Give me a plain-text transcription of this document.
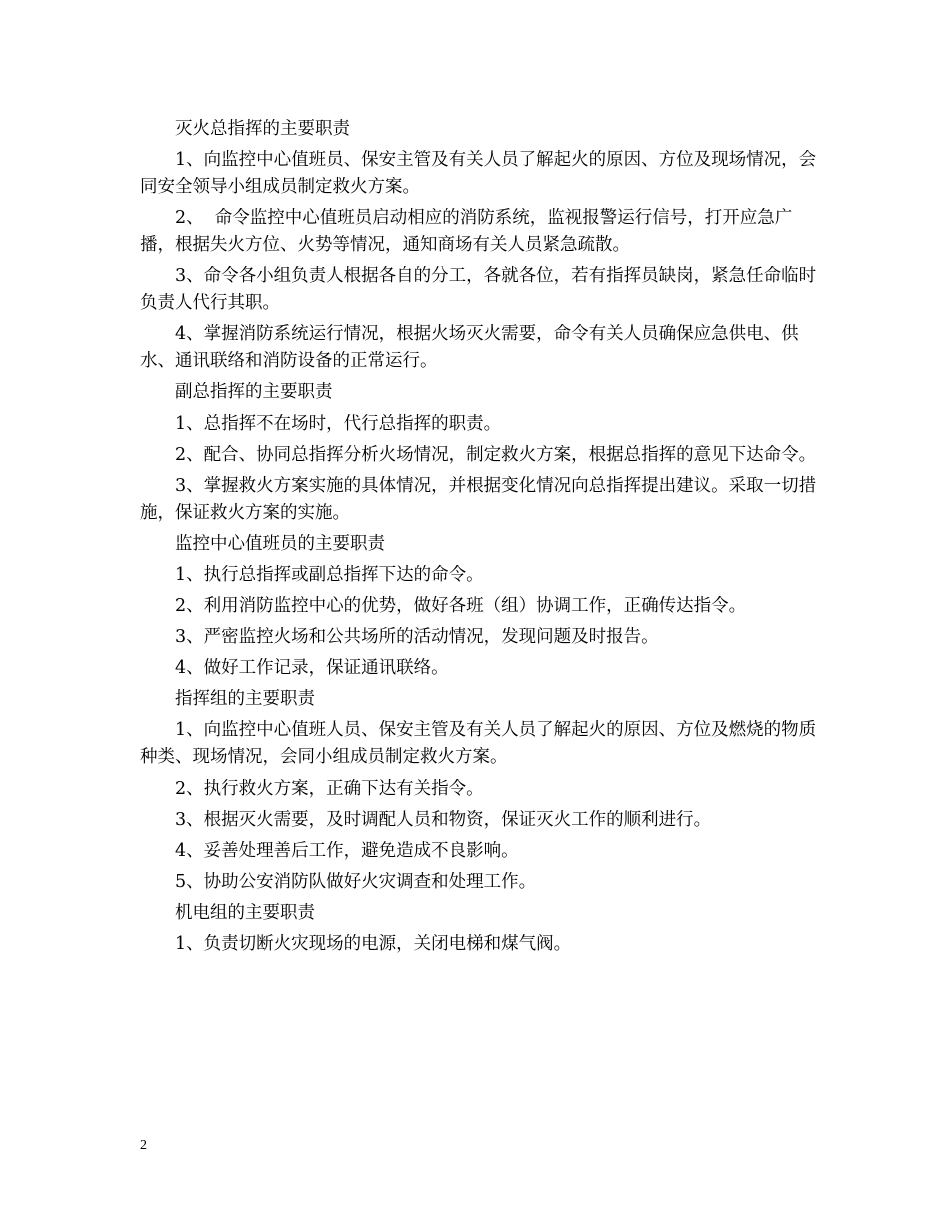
灭火总指挥的主要职责

1、向监控中心值班员、保安主管及有关人员了解起火的原因、方位及现场情况，会同安全领导小组成员制定救火方案。

2、  命令监控中心值班员启动相应的消防系统，监视报警运行信号，打开应急广播，根据失火方位、火势等情况，通知商场有关人员紧急疏散。

3、命令各小组负责人根据各自的分工，各就各位，若有指挥员缺岗，紧急任命临时负责人代行其职。

4、掌握消防系统运行情况，根据火场灭火需要，命令有关人员确保应急供电、供水、通讯联络和消防设备的正常运行。

副总指挥的主要职责

1、总指挥不在场时，代行总指挥的职责。

2、配合、协同总指挥分析火场情况，制定救火方案，根据总指挥的意见下达命令。

3、掌握救火方案实施的具体情况，并根据变化情况向总指挥提出建议。采取一切措施，保证救火方案的实施。

监控中心值班员的主要职责

1、执行总指挥或副总指挥下达的命令。

2、利用消防监控中心的优势，做好各班（组）协调工作，正确传达指令。

3、严密监控火场和公共场所的活动情况，发现问题及时报告。

4、做好工作记录，保证通讯联络。

指挥组的主要职责

1、向监控中心值班人员、保安主管及有关人员了解起火的原因、方位及燃烧的物质种类、现场情况，会同小组成员制定救火方案。

2、执行救火方案，正确下达有关指令。

3、根据灭火需要，及时调配人员和物资，保证灭火工作的顺利进行。

4、妥善处理善后工作，避免造成不良影响。

5、协助公安消防队做好火灾调查和处理工作。

机电组的主要职责

1、负责切断火灾现场的电源，关闭电梯和煤气阀。

2
